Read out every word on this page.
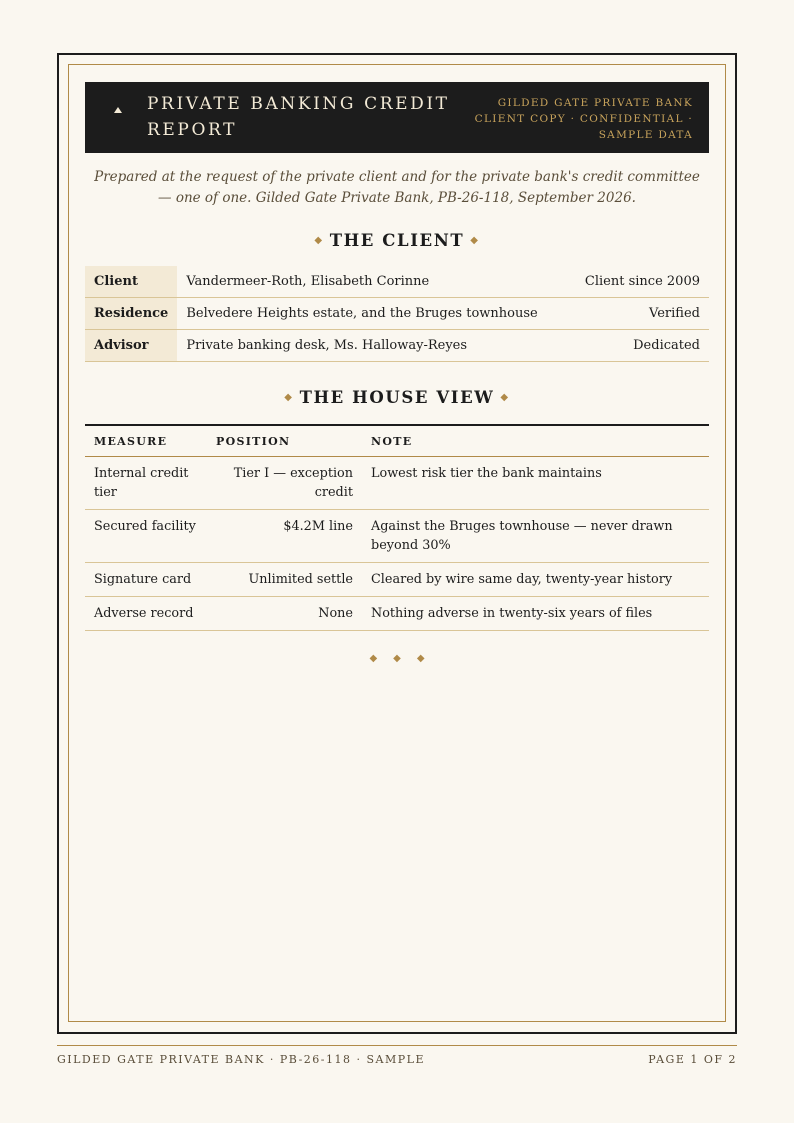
PRIVATE BANKING CREDIT REPORT
GILDED GATE PRIVATE BANK
CLIENT COPY · CONFIDENTIAL ·
SAMPLE DATA

Prepared at the request of the private client and for the private bank's credit committee — one of one. Gilded Gate Private Bank, PB-26-118, September 2026.

◆ THE CLIENT ◆
Client	Vandermeer-Roth, Elisabeth Corinne	Client since 2009
Residence	Belvedere Heights estate, and the Bruges townhouse	Verified
Advisor	Private banking desk, Ms. Halloway-Reyes	Dedicated
◆ THE HOUSE VIEW ◆
MEASURE	POSITION	NOTE
Internal credit tier	Tier I — exception credit	Lowest risk tier the bank maintains
Secured facility	$4.2M line	Against the Bruges townhouse — never drawn beyond 30%
Signature card	Unlimited settle	Cleared by wire same day, twenty-year history
Adverse record	None	Nothing adverse in twenty-six years of files
◆◆◆
GILDED GATE PRIVATE BANK · PB-26-118 · SAMPLE	PAGE 1 OF 2
